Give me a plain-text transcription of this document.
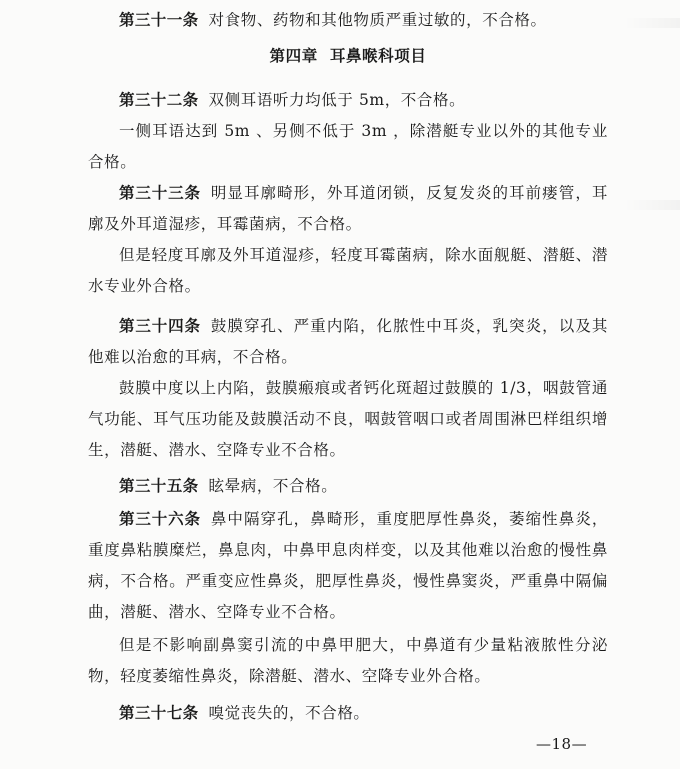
第三十一条 对食物、药物和其他物质严重过敏的，不合格。
第四章 耳鼻喉科项目
第三十二条 双侧耳语听力均低于 5m，不合格。
一侧耳语达到 5m 、另侧不低于 3m ，除潜艇专业以外的其他专业合格。
第三十三条 明显耳廓畸形，外耳道闭锁，反复发炎的耳前瘘管，耳廓及外耳道湿疹，耳霉菌病，不合格。
但是轻度耳廓及外耳道湿疹，轻度耳霉菌病，除水面舰艇、潜艇、潜水专业外合格。
第三十四条 鼓膜穿孔、严重内陷，化脓性中耳炎，乳突炎，以及其他难以治愈的耳病，不合格。
鼓膜中度以上内陷，鼓膜瘢痕或者钙化斑超过鼓膜的 1/3，咽鼓管通气功能、耳气压功能及鼓膜活动不良，咽鼓管咽口或者周围淋巴样组织增生，潜艇、潜水、空降专业不合格。
第三十五条 眩晕病，不合格。
第三十六条 鼻中隔穿孔，鼻畸形，重度肥厚性鼻炎，萎缩性鼻炎，重度鼻粘膜糜烂，鼻息肉，中鼻甲息肉样变，以及其他难以治愈的慢性鼻病，不合格。严重变应性鼻炎，肥厚性鼻炎，慢性鼻窦炎，严重鼻中隔偏曲，潜艇、潜水、空降专业不合格。
但是不影响副鼻窦引流的中鼻甲肥大，中鼻道有少量粘液脓性分泌物，轻度萎缩性鼻炎，除潜艇、潜水、空降专业外合格。
第三十七条 嗅觉丧失的，不合格。
—18—
